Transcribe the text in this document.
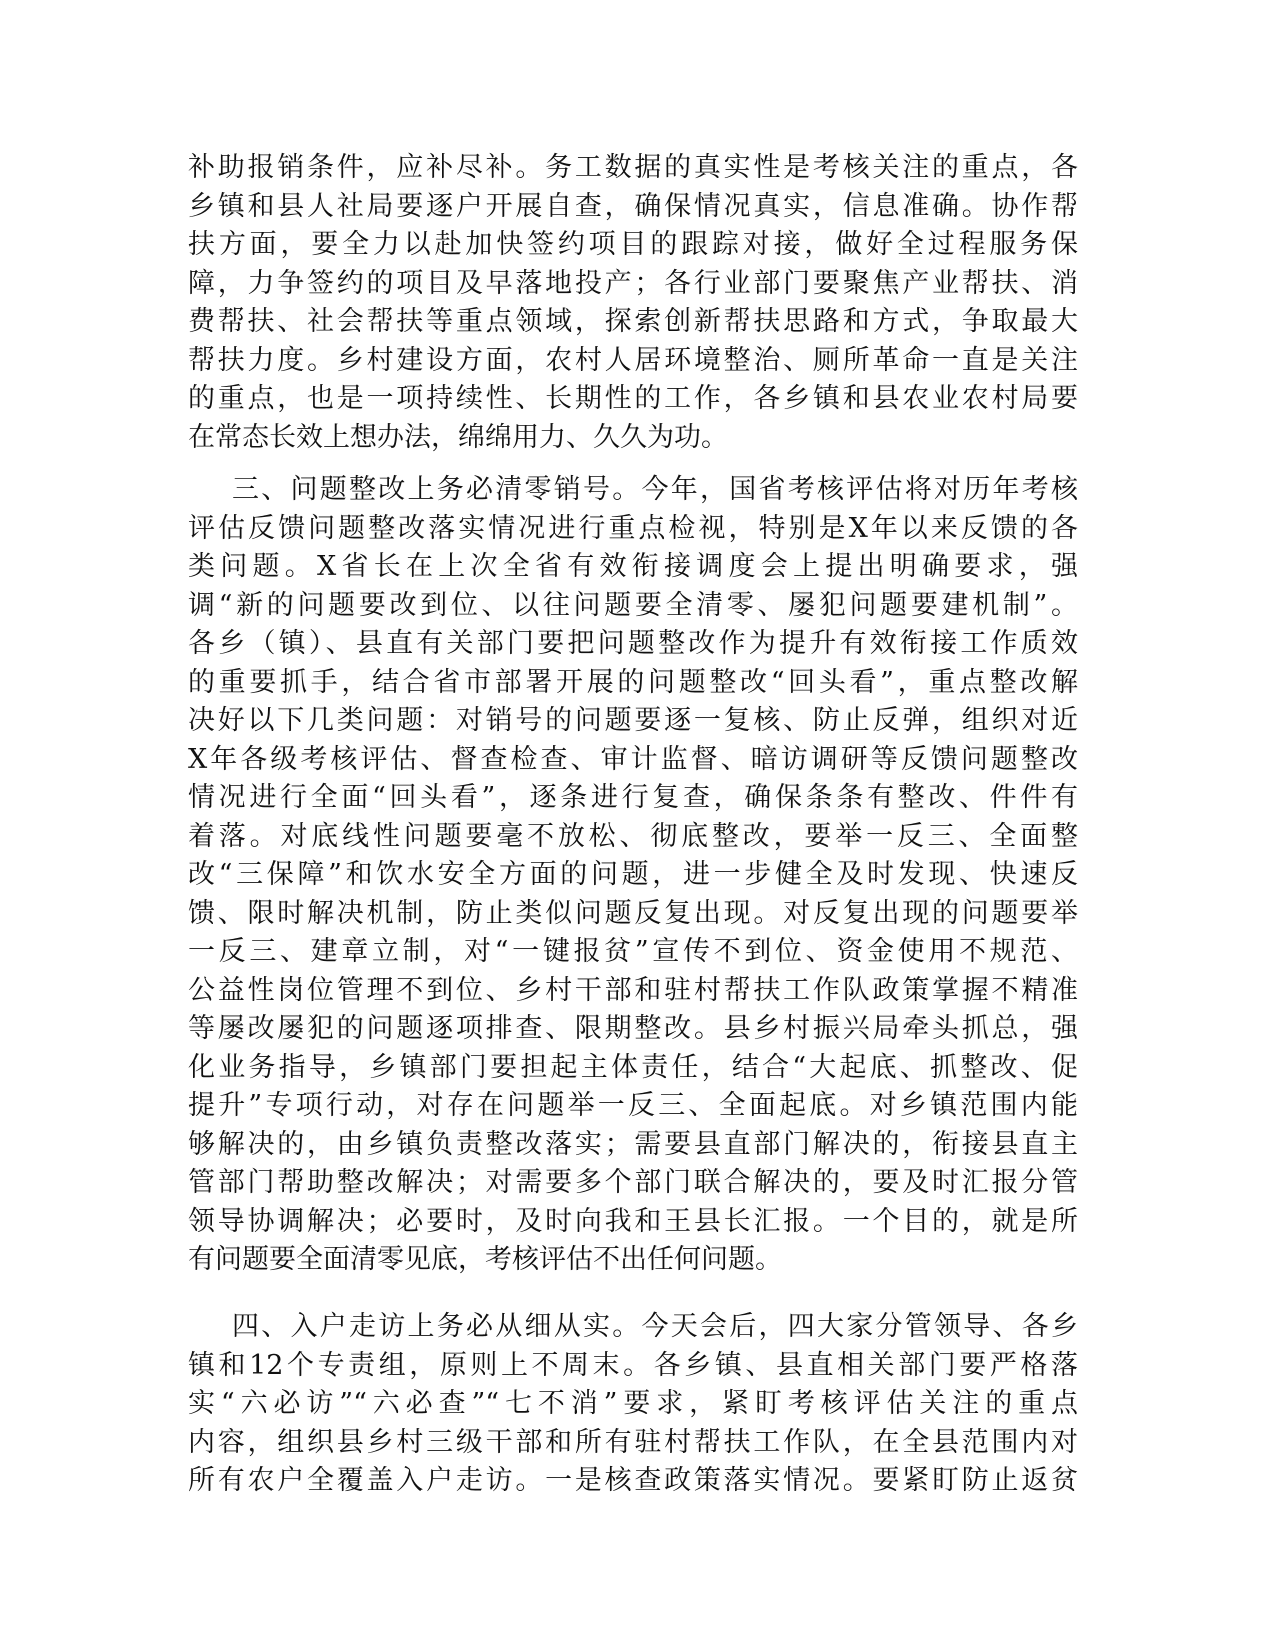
补助报销条件，应补尽补。务工数据的真实性是考核关注的重点，各
乡镇和县人社局要逐户开展自查，确保情况真实，信息准确。协作帮
扶方面，要全力以赴加快签约项目的跟踪对接，做好全过程服务保
障，力争签约的项目及早落地投产；各行业部门要聚焦产业帮扶、消
费帮扶、社会帮扶等重点领域，探索创新帮扶思路和方式，争取最大
帮扶力度。乡村建设方面，农村人居环境整治、厕所革命一直是关注
的重点，也是一项持续性、长期性的工作，各乡镇和县农业农村局要
在常态长效上想办法，绵绵用力、久久为功。
三、问题整改上务必清零销号。今年，国省考核评估将对历年考核
评估反馈问题整改落实情况进行重点检视，特别是X年以来反馈的各
类问题。X省长在上次全省有效衔接调度会上提出明确要求，强
调“新的问题要改到位、以往问题要全清零、屡犯问题要建机制”。
各乡（镇）、县直有关部门要把问题整改作为提升有效衔接工作质效
的重要抓手，结合省市部署开展的问题整改“回头看”，重点整改解
决好以下几类问题：对销号的问题要逐一复核、防止反弹，组织对近
X年各级考核评估、督查检查、审计监督、暗访调研等反馈问题整改
情况进行全面“回头看”，逐条进行复查，确保条条有整改、件件有
着落。对底线性问题要毫不放松、彻底整改，要举一反三、全面整
改“三保障”和饮水安全方面的问题，进一步健全及时发现、快速反
馈、限时解决机制，防止类似问题反复出现。对反复出现的问题要举
一反三、建章立制，对“一键报贫”宣传不到位、资金使用不规范、
公益性岗位管理不到位、乡村干部和驻村帮扶工作队政策掌握不精准
等屡改屡犯的问题逐项排查、限期整改。县乡村振兴局牵头抓总，强
化业务指导，乡镇部门要担起主体责任，结合“大起底、抓整改、促
提升”专项行动，对存在问题举一反三、全面起底。对乡镇范围内能
够解决的，由乡镇负责整改落实；需要县直部门解决的，衔接县直主
管部门帮助整改解决；对需要多个部门联合解决的，要及时汇报分管
领导协调解决；必要时，及时向我和王县长汇报。一个目的，就是所
有问题要全面清零见底，考核评估不出任何问题。
四、入户走访上务必从细从实。今天会后，四大家分管领导、各乡
镇和12个专责组，原则上不周末。各乡镇、县直相关部门要严格落
实“六必访”“六必查”“七不消”要求，紧盯考核评估关注的重点
内容，组织县乡村三级干部和所有驻村帮扶工作队，在全县范围内对
所有农户全覆盖入户走访。一是核查政策落实情况。要紧盯防止返贫
